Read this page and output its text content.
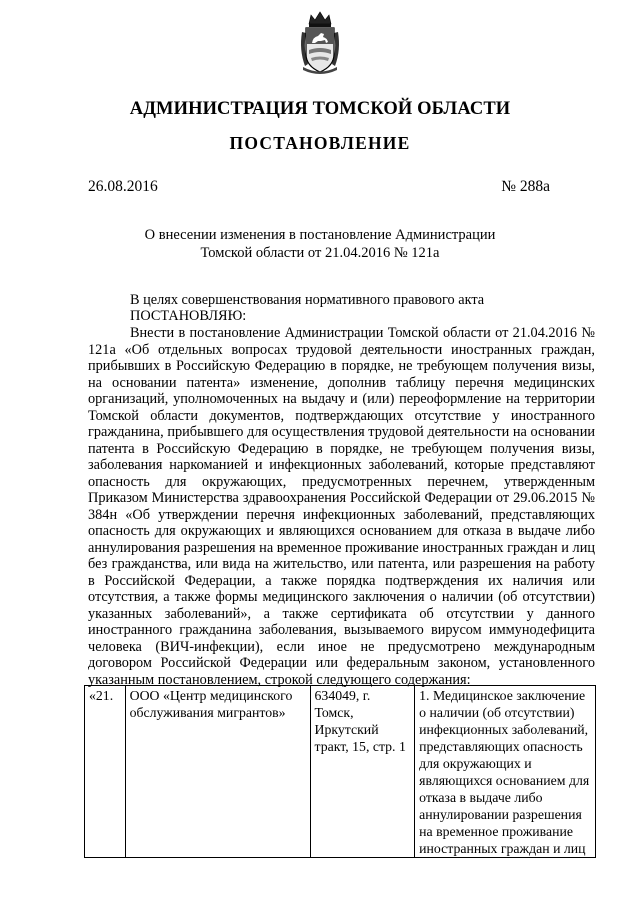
АДМИНИСТРАЦИЯ ТОМСКОЙ ОБЛАСТИ
ПОСТАНОВЛЕНИЕ
26.08.2016	№ 288а
О внесении изменения в постановление Администрации
Томской области от 21.04.2016 № 121а
В целях совершенствования нормативного правового акта
ПОСТАНОВЛЯЮ:

Внести в постановление Администрации Томской области от 21.04.2016 № 121а «Об отдельных вопросах трудовой деятельности иностранных граждан, прибывших в Российскую Федерацию в порядке, не требующем получения визы, на основании патента» изменение, дополнив таблицу перечня медицинских организаций, уполномоченных на выдачу и (или) переоформление на территории Томской области документов, подтверждающих отсутствие у иностранного гражданина, прибывшего для осуществления трудовой деятельности на основании патента в Российскую Федерацию в порядке, не требующем получения визы, заболевания наркоманией и инфекционных заболеваний, которые представляют опасность для окружающих, предусмотренных перечнем, утвержденным Приказом Министерства здравоохранения Российской Федерации от 29.06.2015 № 384н «Об утверждении перечня инфекционных заболеваний, представляющих опасность для окружающих и являющихся основанием для отказа в выдаче либо аннулирования разрешения на временное проживание иностранных граждан и лиц без гражданства, или вида на жительство, или патента, или разрешения на работу в Российской Федерации, а также порядка подтверждения их наличия или отсутствия, а также формы медицинского заключения о наличии (об отсутствии) указанных заболеваний», а также сертификата об отсутствии у данного иностранного гражданина заболевания, вызываемого вирусом иммунодефицита человека (ВИЧ-инфекции), если иное не предусмотрено международным договором Российской Федерации или федеральным законом, установленного указанным постановлением, строкой следующего содержания:

«21.	ООО «Центр медицинского обслуживания мигрантов»	634049, г. Томск, Иркутский тракт, 15, стр. 1	1. Медицинское заключение о наличии (об отсутствии) инфекционных заболеваний, представляющих опасность для окружающих и являющихся основанием для отказа в выдаче либо аннулировании разрешения на временное проживание иностранных граждан и лиц
